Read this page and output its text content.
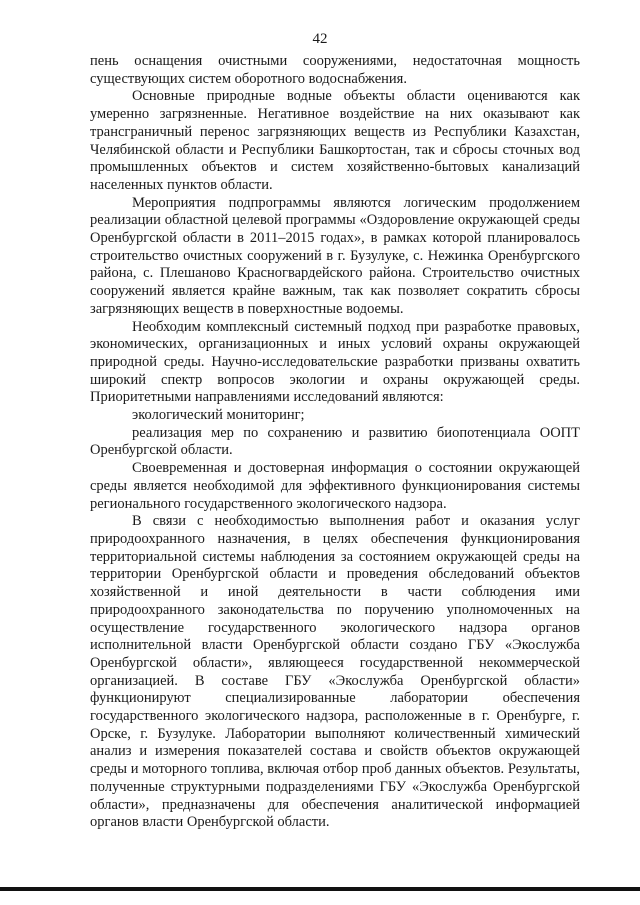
42

пень оснащения очистными сооружениями, недостаточная мощность существующих систем оборотного водоснабжения.

Основные природные водные объекты области оцениваются как умеренно загрязненные. Негативное воздействие на них оказывают как трансграничный перенос загрязняющих веществ из Республики Казахстан, Челябинской области и Республики Башкортостан, так и сбросы сточных вод промышленных объектов и систем хозяйственно-бытовых канализаций населенных пунктов области.

Мероприятия подпрограммы являются логическим продолжением реализации областной целевой программы «Оздоровление окружающей среды Оренбургской области в 2011–2015 годах», в рамках которой планировалось строительство очистных сооружений в г. Бузулуке, с. Нежинка Оренбургского района, с. Плешаново Красногвардейского района. Строительство очистных сооружений является крайне важным, так как позволяет сократить сбросы загрязняющих веществ в поверхностные водоемы.

Необходим комплексный системный подход при разработке правовых, экономических, организационных и иных условий охраны окружающей природной среды. Научно-исследовательские разработки призваны охватить широкий спектр вопросов экологии и охраны окружающей среды. Приоритетными направлениями исследований являются:

экологический мониторинг;

реализация мер по сохранению и развитию биопотенциала ООПТ Оренбургской области.

Своевременная и достоверная информация о состоянии окружающей среды является необходимой для эффективного функционирования системы регионального государственного экологического надзора.

В связи с необходимостью выполнения работ и оказания услуг природоохранного назначения, в целях обеспечения функционирования территориальной системы наблюдения за состоянием окружающей среды на территории Оренбургской области и проведения обследований объектов хозяйственной и иной деятельности в части соблюдения ими природоохранного законодательства по поручению уполномоченных на осуществление государственного экологического надзора органов исполнительной власти Оренбургской области создано ГБУ «Экослужба Оренбургской области», являющееся государственной некоммерческой организацией. В составе ГБУ «Экослужба Оренбургской области» функционируют специализированные лаборатории обеспечения государственного экологического надзора, расположенные в г. Оренбурге, г. Орске, г. Бузулуке. Лаборатории выполняют количественный химический анализ и измерения показателей состава и свойств объектов окружающей среды и моторного топлива, включая отбор проб данных объектов. Результаты, полученные структурными подразделениями ГБУ «Экослужба Оренбургской области», предназначены для обеспечения аналитической информацией органов власти Оренбургской области.
